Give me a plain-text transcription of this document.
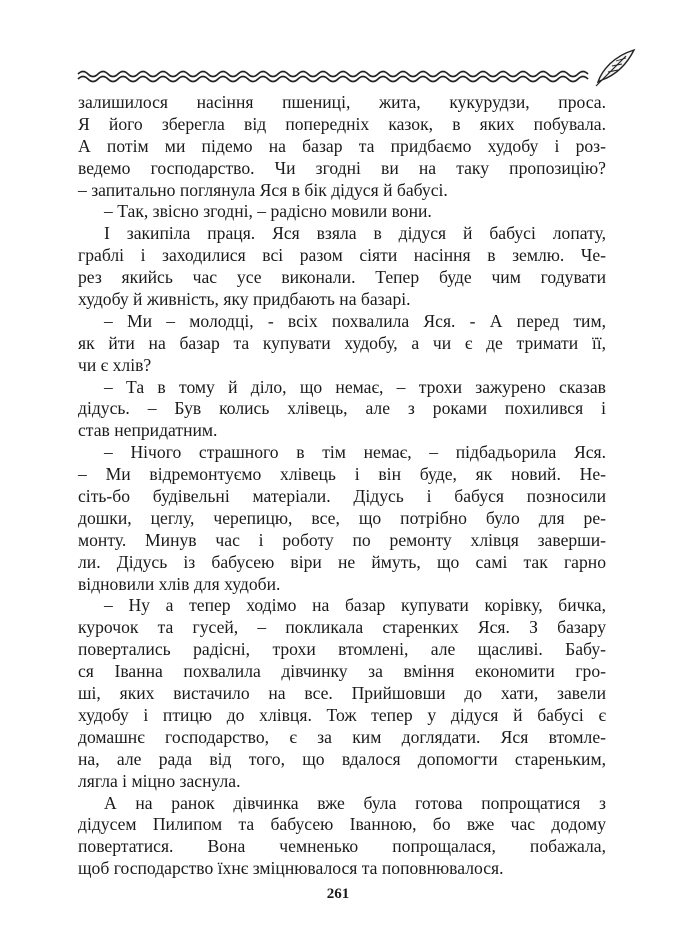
залишилося насіння пшениці, жита, кукурудзи, проса.
Я його зберегла від попередніх казок, в яких побувала.
А потім ми підемо на базар та придбаємо худобу і роз-
ведемо господарство. Чи згодні ви на таку пропозицію?
– запитально поглянула Яся в бік дідуся й бабусі.
– Так, звісно згодні, – радісно мовили вони.
І закипіла праця. Яся взяла в дідуся й бабусі лопату,
граблі і заходилися всі разом сіяти насіння в землю. Че-
рез якийсь час усе виконали. Тепер буде чим годувати
худобу й живність, яку придбають на базарі.
– Ми – молодці, - всіх похвалила Яся. - А перед тим,
як йти на базар та купувати худобу, а чи є де тримати її,
чи є хлів?
– Та в тому й діло, що немає, – трохи зажурено сказав
дідусь. – Був колись хлівець, але з роками похилився і
став непридатним.
– Нічого страшного в тім немає, – підбадьорила Яся.
– Ми відремонтуємо хлівець і він буде, як новий. Не-
сіть-бо будівельні матеріали. Дідусь і бабуся позносили
дошки, цеглу, черепицю, все, що потрібно було для ре-
монту. Минув час і роботу по ремонту хлівця заверши-
ли. Дідусь із бабусею віри не ймуть, що самі так гарно
відновили хлів для худоби.
– Ну а тепер ходімо на базар купувати корівку, бичка,
курочок та гусей, – покликала старенких Яся. З базару
повертались радісні, трохи втомлені, але щасливі. Бабу-
ся Іванна похвалила дівчинку за вміння економити гро-
ші, яких вистачило на все. Прийшовши до хати, завели
худобу і птицю до хлівця. Тож тепер у дідуся й бабусі є
домашнє господарство, є за ким доглядати. Яся втомле-
на, але рада від того, що вдалося допомогти стареньким,
лягла і міцно заснула.
А на ранок дівчинка вже була готова попрощатися з
дідусем Пилипом та бабусею Іванною, бо вже час додому
повертатися. Вона чемненько попрощалася, побажала,
щоб господарство їхнє зміцнювалося та поповнювалося.
261
